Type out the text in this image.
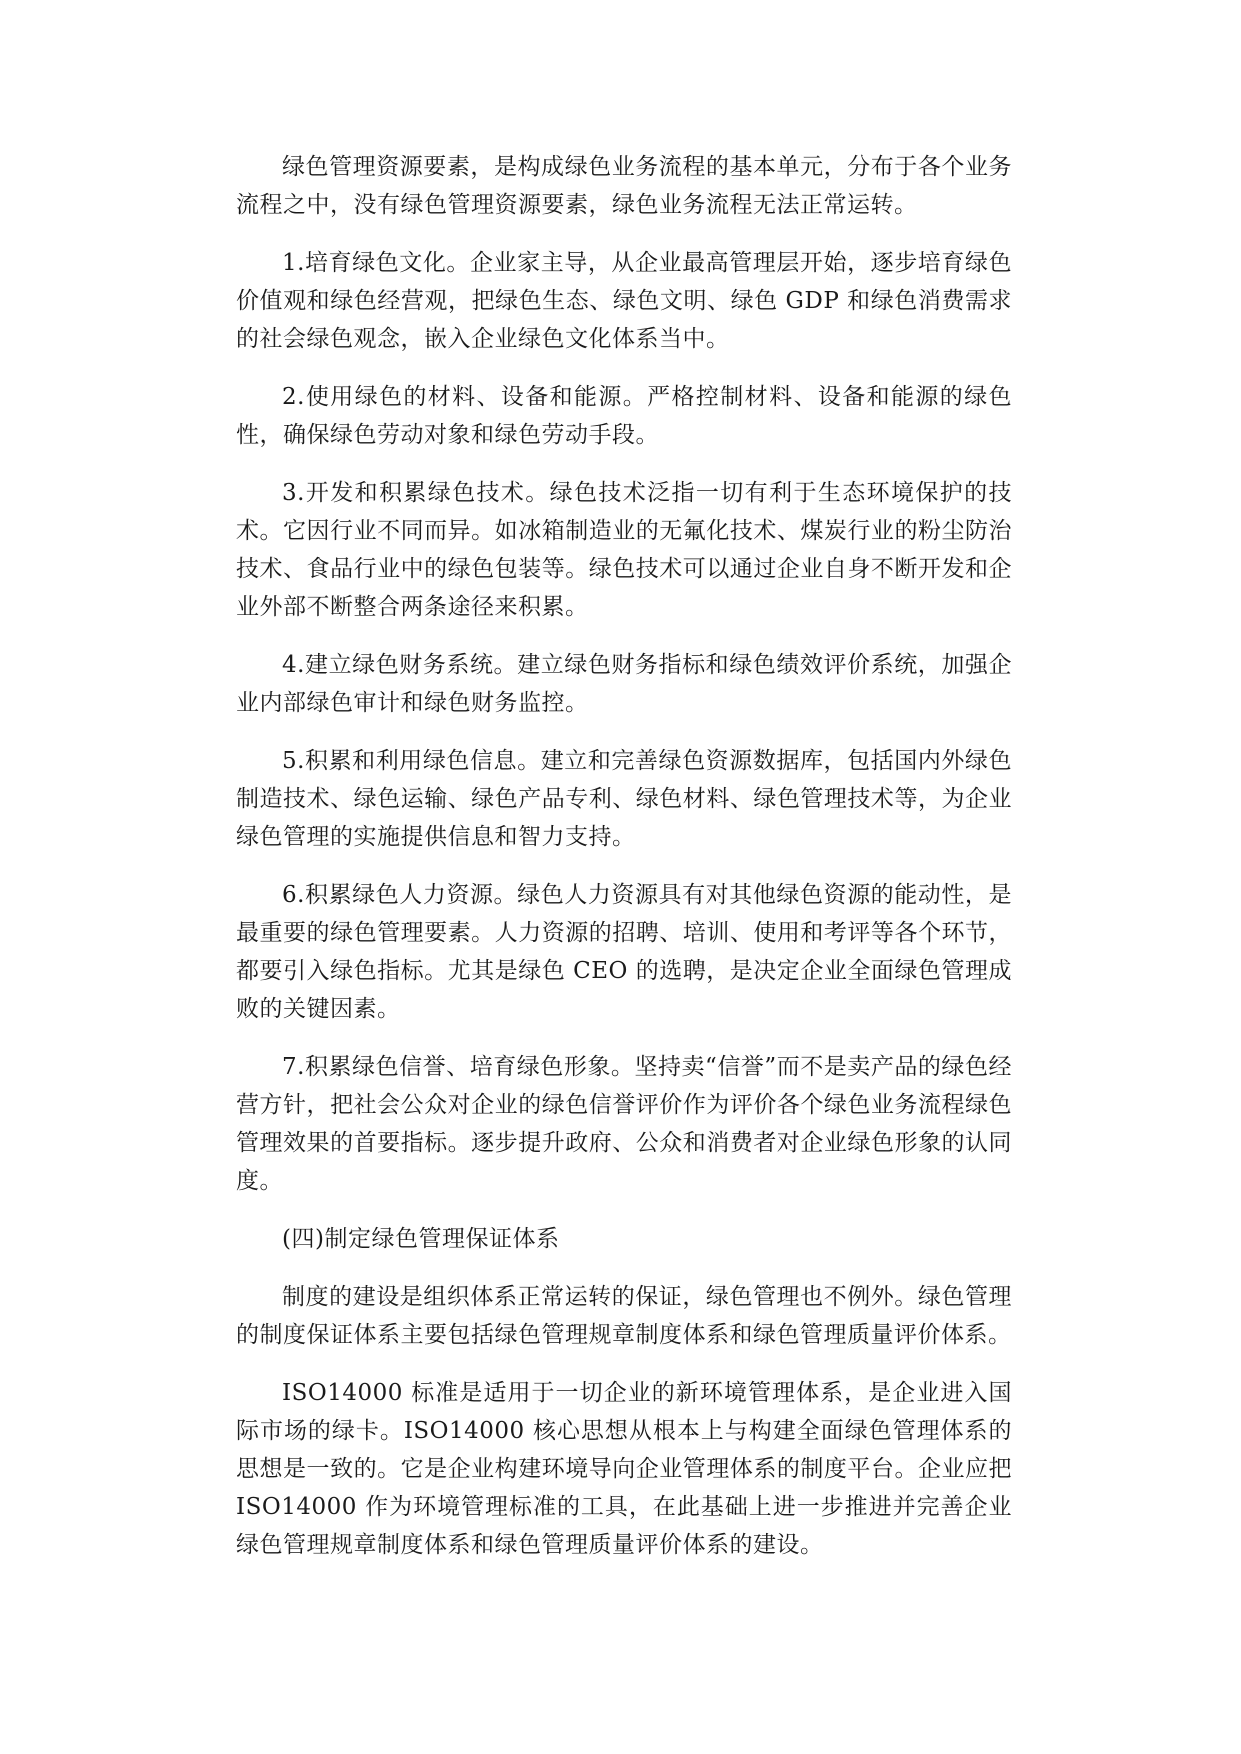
绿色管理资源要素，是构成绿色业务流程的基本单元，分布于各个业务流程之中，没有绿色管理资源要素，绿色业务流程无法正常运转。

1.培育绿色文化。企业家主导，从企业最高管理层开始，逐步培育绿色价值观和绿色经营观，把绿色生态、绿色文明、绿色 GDP 和绿色消费需求的社会绿色观念，嵌入企业绿色文化体系当中。

2.使用绿色的材料、设备和能源。严格控制材料、设备和能源的绿色性，确保绿色劳动对象和绿色劳动手段。

3.开发和积累绿色技术。绿色技术泛指一切有利于生态环境保护的技术。它因行业不同而异。如冰箱制造业的无氟化技术、煤炭行业的粉尘防治技术、食品行业中的绿色包装等。绿色技术可以通过企业自身不断开发和企业外部不断整合两条途径来积累。

4.建立绿色财务系统。建立绿色财务指标和绿色绩效评价系统，加强企业内部绿色审计和绿色财务监控。

5.积累和利用绿色信息。建立和完善绿色资源数据库，包括国内外绿色制造技术、绿色运输、绿色产品专利、绿色材料、绿色管理技术等，为企业绿色管理的实施提供信息和智力支持。

6.积累绿色人力资源。绿色人力资源具有对其他绿色资源的能动性，是最重要的绿色管理要素。人力资源的招聘、培训、使用和考评等各个环节，都要引入绿色指标。尤其是绿色 CEO 的选聘，是决定企业全面绿色管理成败的关键因素。

7.积累绿色信誉、培育绿色形象。坚持卖“信誉”而不是卖产品的绿色经营方针，把社会公众对企业的绿色信誉评价作为评价各个绿色业务流程绿色管理效果的首要指标。逐步提升政府、公众和消费者对企业绿色形象的认同度。

(四)制定绿色管理保证体系

制度的建设是组织体系正常运转的保证，绿色管理也不例外。绿色管理的制度保证体系主要包括绿色管理规章制度体系和绿色管理质量评价体系。

ISO14000 标准是适用于一切企业的新环境管理体系，是企业进入国际市场的绿卡。ISO14000 核心思想从根本上与构建全面绿色管理体系的思想是一致的。它是企业构建环境导向企业管理体系的制度平台。企业应把 ISO14000 作为环境管理标准的工具，在此基础上进一步推进并完善企业绿色管理规章制度体系和绿色管理质量评价体系的建设。
